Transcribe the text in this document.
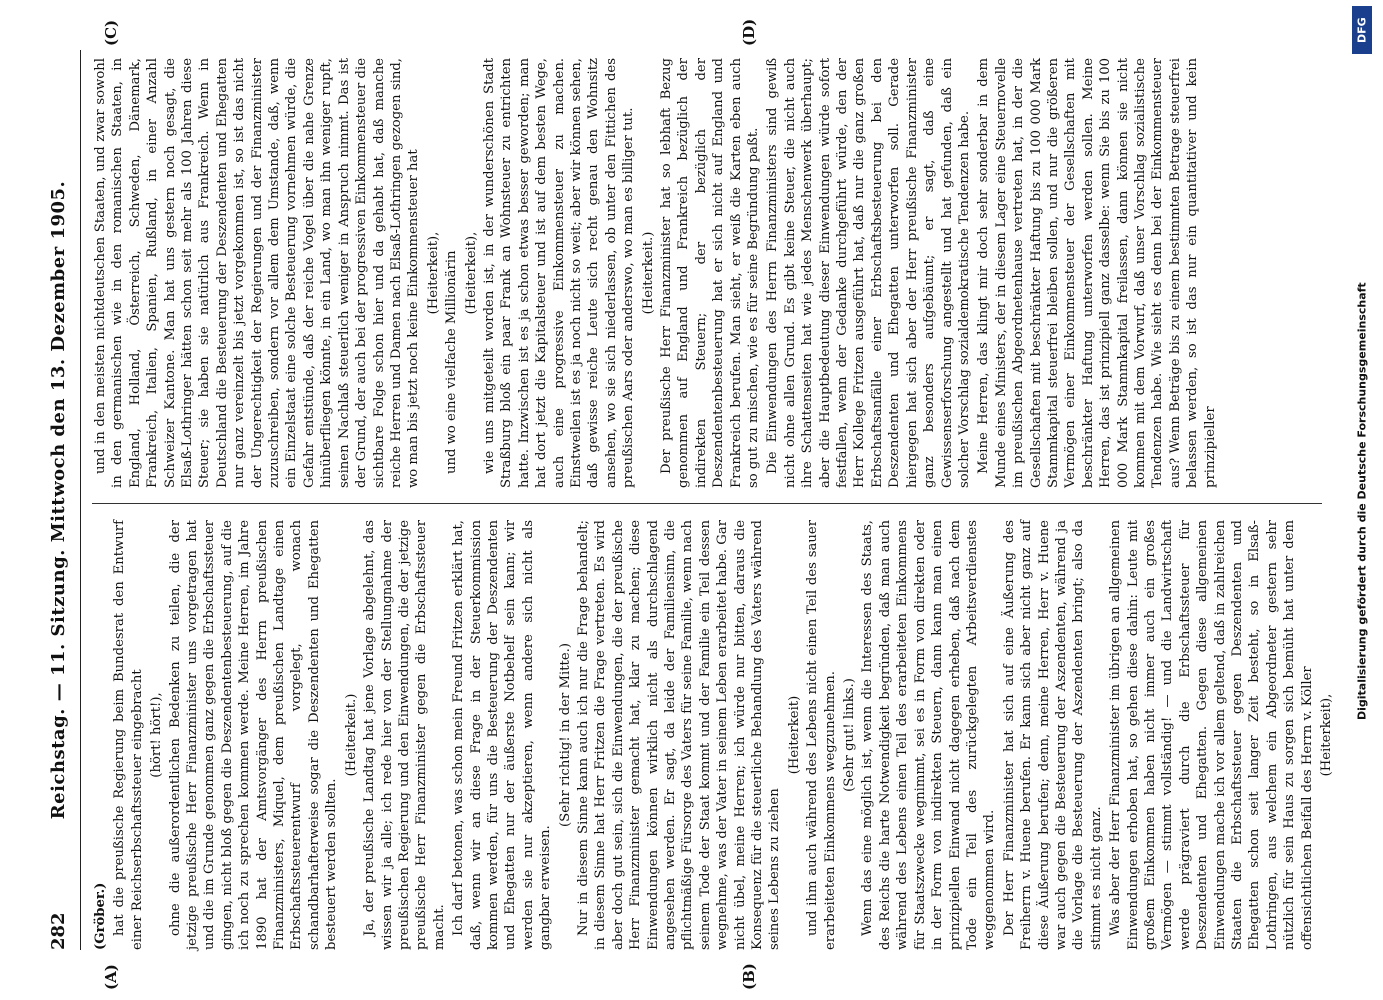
282
Reichstag. — 11. Sitzung. Mittwoch den 13. Dezember 1905.
(A)	(B)
(C)	(D)

(Gröber.) hat die preußische Regierung beim Bundesrat den Entwurf einer Reichserbschaftssteuer eingebracht (hört! hört!), ohne die außerordentlichen Bedenken zu teilen, die der jetzige preußische Herr Finanzminister uns vorgetragen hat und die im Grunde genommen ganz gegen die Erbschaftssteuer gingen, nicht bloß gegen die Deszendentenbesteuerung, auf die ich noch zu sprechen kommen werde. Meine Herren, im Jahre 1890 hat der Amtsvorgänger des Herrn preußischen Finanzministers, Miquel, dem preußischen Landtage einen Erbschaftssteuerentwurf vorgelegt, wonach schandbarhafterweise sogar die Deszendenten und Ehegatten besteuert werden sollten.

(Heiterkeit.) Ja, der preußische Landtag hat jene Vorlage abgelehnt, das wissen wir ja alle; ich rede hier von der Stellungnahme der preußischen Regierung und den Einwendungen, die der jetzige preußische Herr Finanzminister gegen die Erbschaftssteuer macht. Ich darf betonen, was schon mein Freund Fritzen erklärt hat, daß, wenn wir an diese Frage in der Steuerkommission kommen werden, für uns die Besteuerung der Deszendenten und Ehegatten nur der äußerste Notbehelf sein kann; wir werden sie nur akzeptieren, wenn andere sich nicht als gangbar erweisen.

(Sehr richtig! in der Mitte.) Nur in diesem Sinne kann auch ich nur die Frage behandelt; in diesem Sinne hat Herr Fritzen die Frage vertreten. Es wird aber doch gut sein, sich die Einwendungen, die der preußische Herr Finanzminister gemacht hat, klar zu machen; diese Einwendungen können wirklich nicht als durchschlagend angesehen werden. Er sagt, da leide der Familiensinn, die pflichtmäßige Fürsorge des Vaters für seine Familie, wenn nach seinem Tode der Staat kommt und der Familie ein Teil dessen wegnehme, was der Vater in seinem Leben erarbeitet habe. Gar nicht übel, meine Herren; ich würde nur bitten, daraus die Konsequenz für die steuerliche Behandlung des Vaters während seines Lebens zu ziehen

(Heiterkeit) und ihm auch während des Lebens nicht einen Teil des sauer erarbeiteten Einkommens wegzunehmen. (Sehr gut! links.) Wenn das eine möglich ist, wenn die Interessen des Staats, des Reichs die harte Notwendigkeit begründen, daß man auch während des Lebens einen Teil des erarbeiteten Einkommens für Staatszwecke wegnimmt, sei es in Form von direkten oder in der Form von indirekten Steuern, dann kann man einen prinzipiellen Einwand nicht dagegen erheben, daß nach dem Tode ein Teil des zurückgelegten Arbeitsverdienstes weggenommen wird. Der Herr Finanzminister hat sich auf eine Äußerung des Freiherrn v. Huene berufen. Er kann sich aber nicht ganz auf diese Äußerung berufen; denn, meine Herren, Herr v. Huene war auch gegen die Besteuerung der Aszendenten, während ja die Vorlage die Besteuerung der Aszendenten bringt; also da stimmt es nicht ganz. Was aber der Herr Finanzminister im übrigen an allgemeinen Einwendungen erhoben hat, so gehen diese dahin: Leute mit großem Einkommen haben nicht immer auch ein großes Vermögen — stimmt vollständig! — und die Landwirtschaft werde prägraviert durch die Erbschaftssteuer für Deszendenten und Ehegatten. Gegen diese allgemeinen Einwendungen mache ich vor allem geltend, daß in zahlreichen Staaten die Erbschaftssteuer gegen Deszendenten und Ehegatten schon seit langer Zeit besteht, so in Elsaß-Lothringen, aus welchem ein Abgeordneter gestern sehr nützlich für sein Haus zu sorgen sich bemüht hat unter dem offensichtlichen Beifall des Herrn v. Köller (Heiterkeit),

und in den meisten nichtdeutschen Staaten, und zwar sowohl in den germanischen wie in den romanischen Staaten, in England, Holland, Österreich, Schweden, Dänemark, Frankreich, Italien, Spanien, Rußland, in einer Anzahl Schweizer Kantone. Man hat uns gestern noch gesagt, die Elsaß-Lothringer hätten schon seit mehr als 100 Jahren diese Steuer; sie haben sie natürlich aus Frankreich. Wenn in Deutschland die Besteuerung der Deszendenten und Ehegatten nur ganz vereinzelt bis jetzt vorgekommen ist, so ist das nicht der Ungerechtigkeit der Regierungen und der Finanzminister zuzuschreiben, sondern vor allem dem Umstande, daß, wenn ein Einzelstaat eine solche Besteuerung vornehmen würde, die Gefahr entstünde, daß der reiche Vogel über die nahe Grenze hinüberfliegen könnte, in ein Land, wo man ihn weniger rupft, seinen Nachlaß steuerlich weniger in Anspruch nimmt. Das ist der Grund, der auch bei der progressiven Einkommensteuer die sichtbare Folge schon hier und da gehabt hat, daß manche reiche Herren und Damen nach Elsaß-Lothringen gezogen sind, wo man bis jetzt noch keine Einkommensteuer hat (Heiterkeit), und wo eine vielfache Millionärin (Heiterkeit), wie uns mitgeteilt worden ist, in der wunderschönen Stadt Straßburg bloß ein paar Frank an Wohnsteuer zu entrichten hatte. Inzwischen ist es ja schon etwas besser geworden; man hat dort jetzt die Kapitalsteuer und ist auf dem besten Wege, auch eine progressive Einkommensteuer zu machen. Einstweilen ist es ja noch nicht so weit; aber wir können sehen, daß gewisse reiche Leute sich recht genau den Wohnsitz ansehen, wo sie sich niederlassen, ob unter den Fittichen des preußischen Aars oder anderswo, wo man es billiger tut. (Heiterkeit.) Der preußische Herr Finanzminister hat so lebhaft Bezug genommen auf England und Frankreich bezüglich der indirekten Steuern; der bezüglich der Deszendentenbesteuerung hat er sich nicht auf England und Frankreich berufen. Man sieht, er weiß die Karten eben auch so gut zu mischen, wie es für seine Begründung paßt. Die Einwendungen des Herrn Finanzministers sind gewiß nicht ohne allen Grund. Es gibt keine Steuer, die nicht auch ihre Schattenseiten hat wie jedes Menschenwerk überhaupt; aber die Hauptbedeutung dieser Einwendungen würde sofort festfallen, wenn der Gedanke durchgeführt würde, den der Herr Kollege Fritzen ausgeführt hat, daß nur die ganz großen Erbschaftsanfälle einer Erbschaftsbesteuerung bei den Deszendenten und Ehegatten unterworfen soll. Gerade hiergegen hat sich aber der Herr preußische Finanzminister ganz besonders aufgebäumt; er sagt, daß eine Gewissenserforschung angestellt und hat gefunden, daß ein solcher Vorschlag sozialdemokratische Tendenzen habe. Meine Herren, das klingt mir doch sehr sonderbar in dem Munde eines Ministers, der in diesem Lager eine Steuernovelle im preußischen Abgeordnetenhause vertreten hat, in der die Gesellschaften mit beschränkter Haftung bis zu 100 000 Mark Stammkapital steuerfrei bleiben sollen, und nur die größeren Vermögen einer Einkommensteuer der Gesellschaften mit beschränkter Haftung unterworfen werden sollen. Meine Herren, das ist prinzipiell ganz dasselbe: wenn Sie bis zu 100 000 Mark Stammkapital freilassen, dann können sie nicht kommen mit dem Vorwurf, daß unser Vorschlag sozialistische Tendenzen habe. Wie sieht es denn bei der Einkommensteuer aus? Wenn Beträge bis zu einem bestimmten Betrage steuerfrei belassen werden, so ist das nur ein quantitativer und kein prinzipieller

DFG
Digitalisierung gefördert durch die Deutsche Forschungsgemeinschaft
